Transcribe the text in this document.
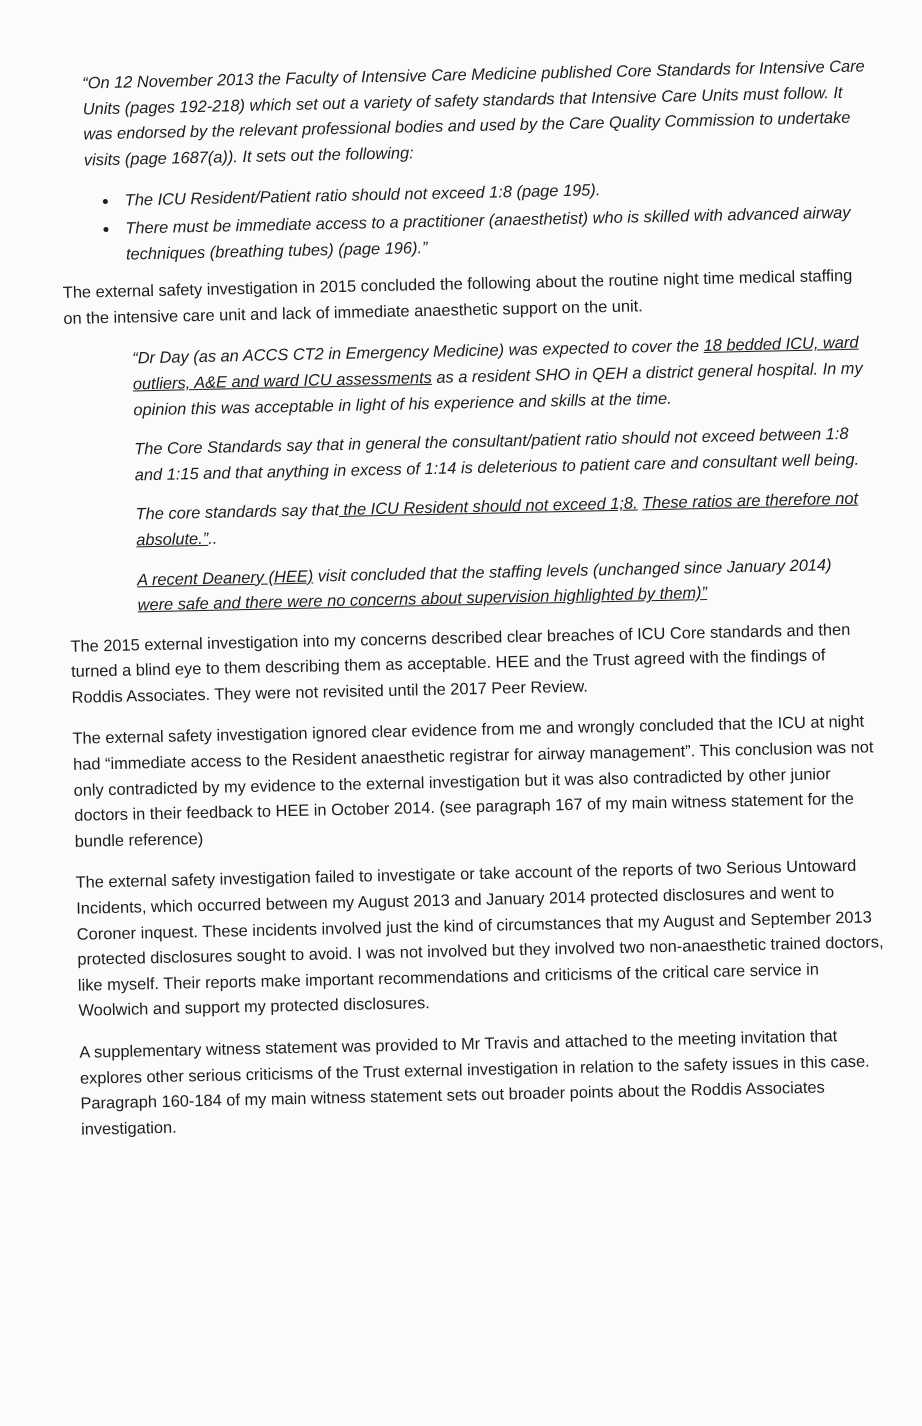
“On 12 November 2013 the Faculty of Intensive Care Medicine published Core Standards for Intensive Care Units (pages 192-218) which set out a variety of safety standards that Intensive Care Units must follow. It was endorsed by the relevant professional bodies and used by the Care Quality Commission to undertake visits (page 1687(a)). It sets out the following:

• The ICU Resident/Patient ratio should not exceed 1:8 (page 195).
• There must be immediate access to a practitioner (anaesthetist) who is skilled with advanced airway techniques (breathing tubes) (page 196).”

The external safety investigation in 2015 concluded the following about the routine night time medical staffing on the intensive care unit and lack of immediate anaesthetic support on the unit.

“Dr Day (as an ACCS CT2 in Emergency Medicine) was expected to cover the 18 bedded ICU, ward outliers, A&E and ward ICU assessments as a resident SHO in QEH a district general hospital. In my opinion this was acceptable in light of his experience and skills at the time.

The Core Standards say that in general the consultant/patient ratio should not exceed between 1:8 and 1:15 and that anything in excess of 1:14 is deleterious to patient care and consultant well being.

The core standards say that the ICU Resident should not exceed 1;8. These ratios are therefore not absolute.”..

A recent Deanery (HEE) visit concluded that the staffing levels (unchanged since January 2014) were safe and there were no concerns about supervision highlighted by them)”

The 2015 external investigation into my concerns described clear breaches of ICU Core standards and then turned a blind eye to them describing them as acceptable. HEE and the Trust agreed with the findings of Roddis Associates. They were not revisited until the 2017 Peer Review.

The external safety investigation ignored clear evidence from me and wrongly concluded that the ICU at night had “immediate access to the Resident anaesthetic registrar for airway management”. This conclusion was not only contradicted by my evidence to the external investigation but it was also contradicted by other junior doctors in their feedback to HEE in October 2014. (see paragraph 167 of my main witness statement for the bundle reference)

The external safety investigation failed to investigate or take account of the reports of two Serious Untoward Incidents, which occurred between my August 2013 and January 2014 protected disclosures and went to Coroner inquest. These incidents involved just the kind of circumstances that my August and September 2013 protected disclosures sought to avoid. I was not involved but they involved two non-anaesthetic trained doctors, like myself. Their reports make important recommendations and criticisms of the critical care service in Woolwich and support my protected disclosures.

A supplementary witness statement was provided to Mr Travis and attached to the meeting invitation that explores other serious criticisms of the Trust external investigation in relation to the safety issues in this case. Paragraph 160-184 of my main witness statement sets out broader points about the Roddis Associates investigation.
